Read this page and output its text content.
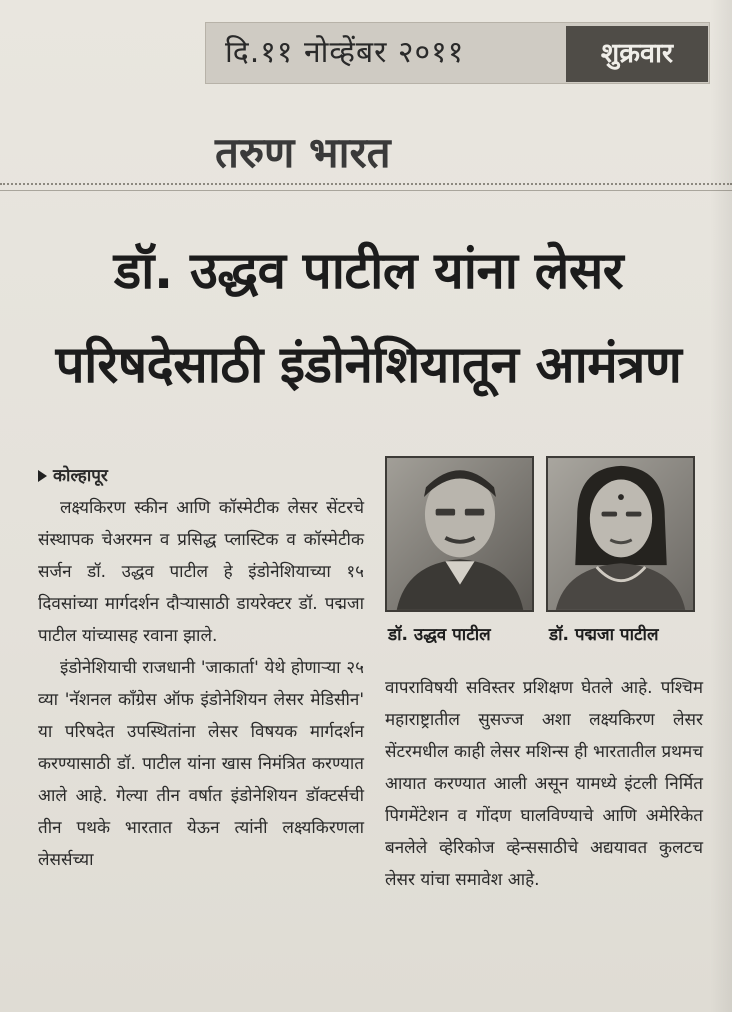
दि.११ नोव्हेंबर २०११	शुक्रवार
तरुण भारत
डॉ. उद्धव पाटील यांना लेसर
परिषदेसाठी इंडोनेशियातून आमंत्रण
कोल्हापूर

लक्ष्यकिरण स्कीन आणि कॉस्मेटीक लेसर सेंटरचे संस्थापक चेअरमन व प्रसिद्ध प्लास्टिक व कॉस्मेटीक सर्जन डॉ. उद्धव पाटील हे इंडोनेशियाच्या १५ दिवसांच्या मार्गदर्शन दौऱ्यासाठी डायरेक्टर डॉ. पद्मजा पाटील यांच्यासह रवाना झाले.

इंडोनेशियाची राजधानी 'जाकार्ता' येथे होणाऱ्या २५ व्या 'नॅशनल कॉंग्रेस ऑफ इंडोनेशियन लेसर मेडिसीन' या परिषदेत उपस्थितांना लेसर विषयक मार्गदर्शन करण्यासाठी डॉ. पाटील यांना खास निमंत्रित करण्यात आले आहे. गेल्या तीन वर्षात इंडोनेशियन डॉक्टर्सची तीन पथके भारतात येऊन त्यांनी लक्ष्यकिरणला लेसर्सच्या

डॉ. उद्धव पाटील	डॉ. पद्मजा पाटील

वापराविषयी सविस्तर प्रशिक्षण घेतले आहे. पश्चिम महाराष्ट्रातील सुसज्ज अशा लक्ष्यकिरण लेसर सेंटरमधील काही लेसर मशिन्स ही भारतातील प्रथमच आयात करण्यात आली असून यामध्ये इंटली निर्मित पिगमेंटेशन व गोंदण घालविण्याचे आणि अमेरिकेत बनलेले व्हेरिकोज व्हेन्ससाठीचे अद्ययावत कुलटच लेसर यांचा समावेश आहे.
